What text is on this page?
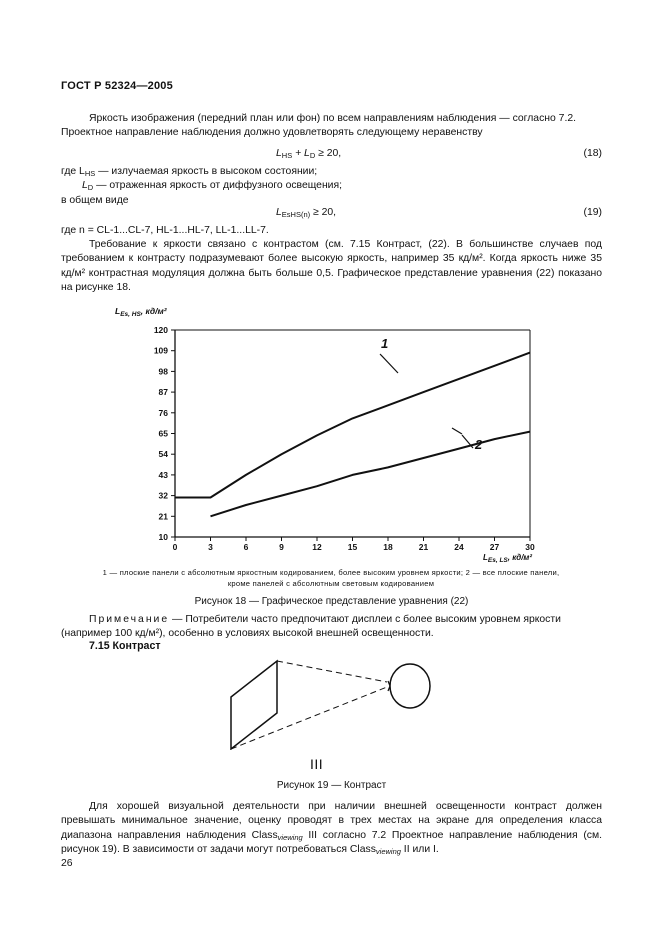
ГОСТ Р 52324—2005
Яркость изображения (передний план или фон) по всем направлениям наблюдения — согласно 7.2.
Проектное направление наблюдения должно удовлетворять следующему неравенству
$L_{HS} + L_D \ge 20$,	(18)
где $L_{HS}$ — излучаемая яркость в высоком состоянии;
$L_D$ — отраженная яркость от диффузного освещения;
в общем виде
$L_{EsHS(n)} \ge 20$,	(19)
где n = CL-1...CL-7, HL-1...HL-7, LL-1...LL-7.
Требование к яркости связано с контрастом (см. 7.15 Контраст, (22). В большинстве случаев под требованием к контрасту подразумевают более высокую яркость, например 35 кд/м². Когда яркость ниже 35 кд/м² контрастная модуляция должна быть больше 0,5. Графическое представление уравнения (22) показано на рисунке 18.
10
21
32
43
54
65
76
87
98
109
120
0	3	6	9	12	15	18	21	24	27	30
$L_{Es, HS}$, кд/м²
$L_{Es, LS}$, кд/м²
1
2
1 — плоские панели с абсолютным яркостным кодированием, более высоким уровнем яркости; 2 — все плоские панели, кроме панелей с абсолютным световым кодированием
Рисунок 18 — Графическое представление уравнения (22)
Примечание — Потребители часто предпочитают дисплеи с более высоким уровнем яркости (например 100 кд/м²), особенно в условиях высокой внешней освещенности.
7.15 Контраст
III
Рисунок 19 — Контраст
Для хорошей визуальной деятельности при наличии внешней освещенности контраст должен превышать минимальное значение, оценку проводят в трех местах на экране для определения класса диапазона направления наблюдения Class$_{viewing}$ III согласно 7.2 Проектное направление наблюдения (см. рисунок 19). В зависимости от задачи могут потребоваться Class$_{viewing}$ II или I.
26
